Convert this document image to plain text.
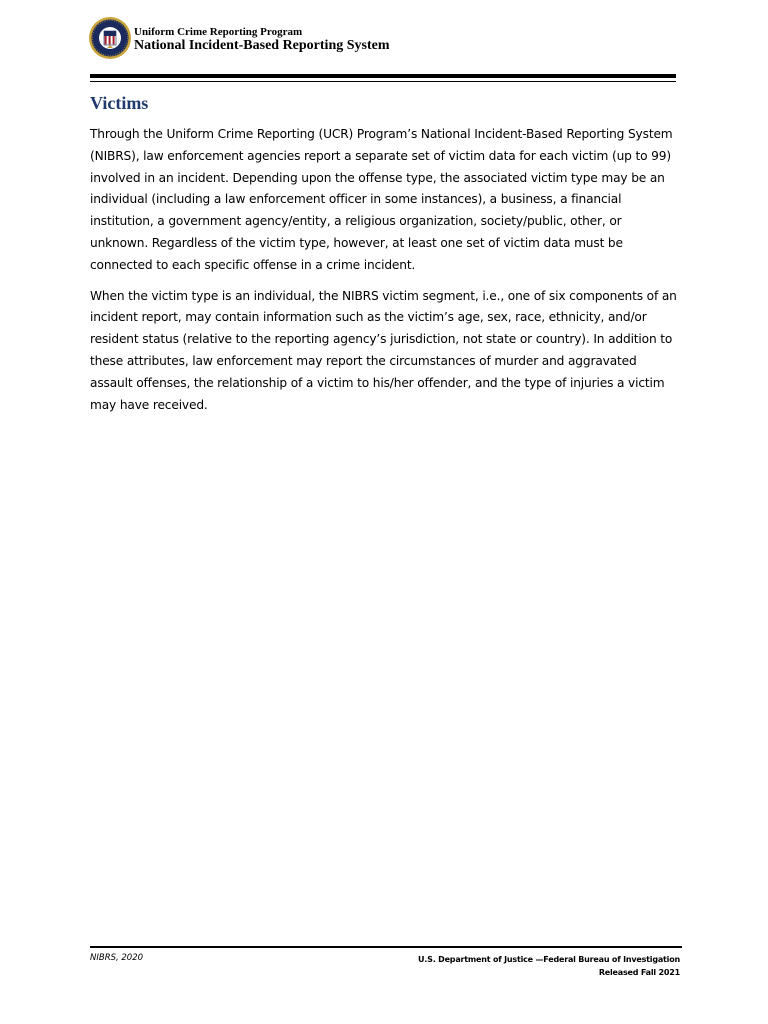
Uniform Crime Reporting Program
National Incident-Based Reporting System
Victims

Through the Uniform Crime Reporting (UCR) Program’s National Incident-Based Reporting System (NIBRS), law enforcement agencies report a separate set of victim data for each victim (up to 99) involved in an incident. Depending upon the offense type, the associated victim type may be an individual (including a law enforcement officer in some instances), a business, a financial institution, a government agency/entity, a religious organization, society/public, other, or unknown. Regardless of the victim type, however, at least one set of victim data must be connected to each specific offense in a crime incident.

When the victim type is an individual, the NIBRS victim segment, i.e., one of six components of an incident report, may contain information such as the victim’s age, sex, race, ethnicity, and/or resident status (relative to the reporting agency’s jurisdiction, not state or country). In addition to these attributes, law enforcement may report the circumstances of murder and aggravated assault offenses, the relationship of a victim to his/her offender, and the type of injuries a victim may have received.

NIBRS, 2020	U.S. Department of Justice —Federal Bureau of Investigation
Released Fall 2021
